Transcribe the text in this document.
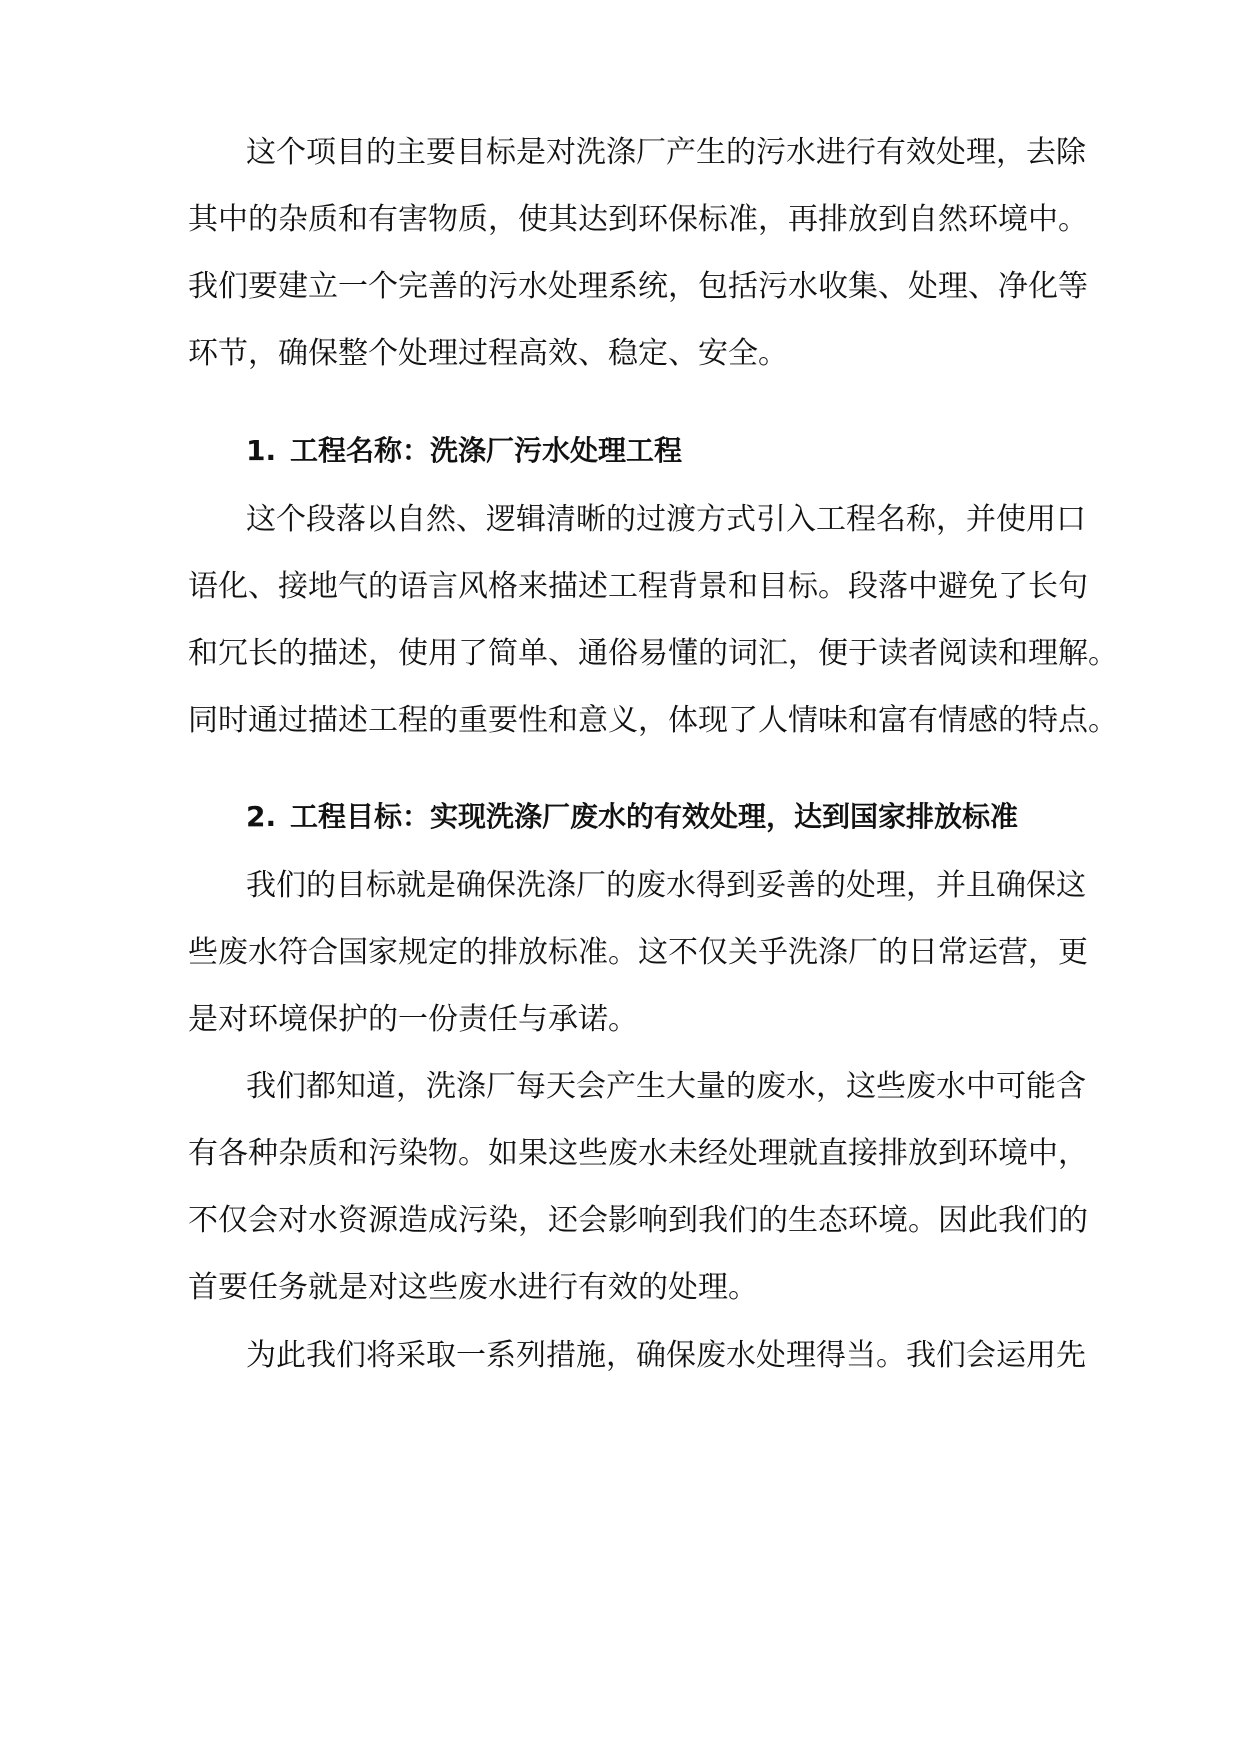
这个项目的主要目标是对洗涤厂产生的污水进行有效处理，去除
其中的杂质和有害物质，使其达到环保标准，再排放到自然环境中。
我们要建立一个完善的污水处理系统，包括污水收集、处理、净化等
环节，确保整个处理过程高效、稳定、安全。
1. 工程名称：洗涤厂污水处理工程
这个段落以自然、逻辑清晰的过渡方式引入工程名称，并使用口
语化、接地气的语言风格来描述工程背景和目标。段落中避免了长句
和冗长的描述，使用了简单、通俗易懂的词汇，便于读者阅读和理解。
同时通过描述工程的重要性和意义，体现了人情味和富有情感的特点。
2. 工程目标：实现洗涤厂废水的有效处理，达到国家排放标准
我们的目标就是确保洗涤厂的废水得到妥善的处理，并且确保这
些废水符合国家规定的排放标准。这不仅关乎洗涤厂的日常运营，更
是对环境保护的一份责任与承诺。
我们都知道，洗涤厂每天会产生大量的废水，这些废水中可能含
有各种杂质和污染物。如果这些废水未经处理就直接排放到环境中，
不仅会对水资源造成污染，还会影响到我们的生态环境。因此我们的
首要任务就是对这些废水进行有效的处理。
为此我们将采取一系列措施，确保废水处理得当。我们会运用先
